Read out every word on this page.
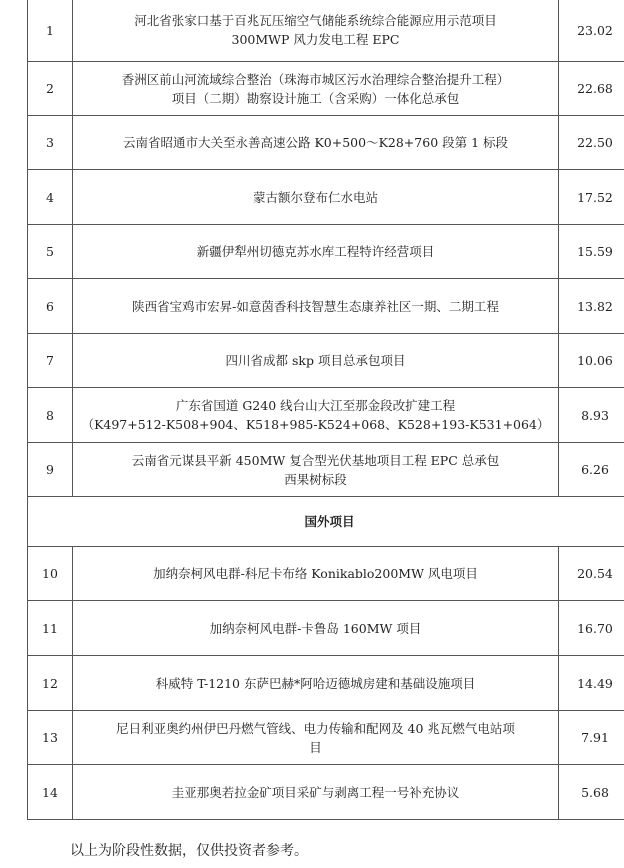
1	河北省张家口基于百兆瓦压缩空气储能系统综合能源应用示范项目
300MWP 风力发电工程 EPC	23.02
2	香洲区前山河流域综合整治（珠海市城区污水治理综合整治提升工程）
项目（二期）勘察设计施工（含采购）一体化总承包	22.68
3	云南省昭通市大关至永善高速公路 K0+500～K28+760 段第 1 标段	22.50
4	蒙古额尔登布仁水电站	17.52
5	新疆伊犁州切德克苏水库工程特许经营项目	15.59
6	陕西省宝鸡市宏昇-如意茵香科技智慧生态康养社区一期、二期工程	13.82
7	四川省成都 skp 项目总承包项目	10.06
8	广东省国道 G240 线台山大江至那金段改扩建工程
（K497+512-K508+904、K518+985-K524+068、K528+193-K531+064）	8.93
9	云南省元谋县平新 450MW 复合型光伏基地项目工程 EPC 总承包
西果树标段	6.26
国外项目		
10	加纳奈柯风电群-科尼卡布络 Konikablo200MW 风电项目	20.54
11	加纳奈柯风电群-卡鲁岛 160MW 项目	16.70
12	科威特 T-1210 东萨巴赫*阿哈迈德城房建和基础设施项目	14.49
13	尼日利亚奥约州伊巴丹燃气管线、电力传输和配网及 40 兆瓦燃气电站项
目	7.91
14	圭亚那奥若拉金矿项目采矿与剥离工程一号补充协议	5.68
以上为阶段性数据，仅供投资者参考。
